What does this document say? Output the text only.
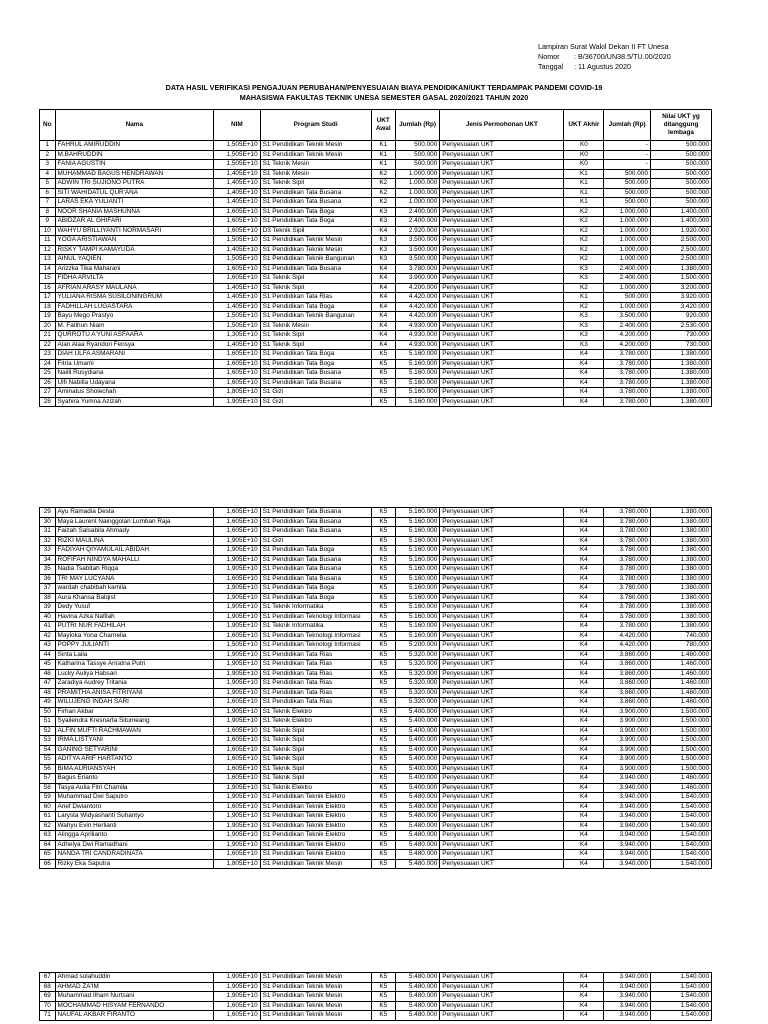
Lampiran Surat Wakil Dekan II FT Unesa
Nomor : B/36700/UN38.5/TU.00/2020
Tanggal : 11 Agustus 2020
DATA HASIL VERIFIKASI PENGAJUAN PERUBAHAN/PENYESUAIAN BIAYA PENDIDIKAN/UKT TERDAMPAK PANDEMI COVID-19
MAHASISWA FAKULTAS TEKNIK UNESA SEMESTER GASAL 2020/2021 TAHUN 2020
No	Nama	NIM	Program Studi	UKT Awal	Jumlah (Rp)	Jenis Permohonan UKT	UKT Akhir	Jumlah (Rp)	Nilai UKT yg ditanggung lembaga
1	FAHRUL AMIRUDDIN	1,505E+10	S1 Pendidikan Teknik Mesin	K1	500.000	Penyesuaian UKT	K0	-	500.000
2	M.BAHRUDDIN	1,505E+10	S1 Pendidikan Teknik Mesin	K1	500.000	Penyesuaian UKT	K0	-	500.000
3	FANIA AGUSTIN	1,505E+10	S1 Teknik Mesin	K1	500.000	Penyesuaian UKT	K0	-	500.000
4	MUHAMMAD BAGUS HENDRAWAN	1,405E+10	S1 Teknik Mesin	K2	1.000.000	Penyesuaian UKT	K1	500.000	500.000
5	ADWIN TRI SUJIONO PUTRA	1,405E+10	S1 Teknik Sipil	K2	1.000.000	Penyesuaian UKT	K1	500.000	500.000
6	SITI WAHIDATUL QUR'ANA	1,405E+10	S1 Pendidikan Tata Busana	K2	1.000.000	Penyesuaian UKT	K1	500.000	500.000
7	LARAS EKA YULIANTI	1,405E+10	S1 Pendidikan Tata Busana	K2	1.000.000	Penyesuaian UKT	K1	500.000	500.000
8	NOOR SHANIA MASHUNNA	1,605E+10	S1 Pendidikan Tata Boga	K3	2.400.000	Penyesuaian UKT	K2	1.000.000	1.400.000
9	ABIDZAR AL GHIFARI	1,605E+10	S1 Pendidikan Tata Boga	K3	2.400.000	Penyesuaian UKT	K2	1.000.000	1.400.000
10	WAHYU BRILLIYANTI NORMASARI	1,605E+10	D3 Teknik Sipil	K4	2.920.000	Penyesuaian UKT	K2	1.000.000	1.920.000
11	YOGA ARISTIAWAN	1,505E+10	S1 Pendidikan Teknik Mesin	K3	3.500.000	Penyesuaian UKT	K2	1.000.000	2.500.000
12	RISKY TAMPI KAMAYUDA	1,405E+10	S1 Pendidikan Teknik Mesin	K3	3.500.000	Penyesuaian UKT	K2	1.000.000	2.500.000
13	AINUL YAQIEN	1,505E+10	S1 Pendidikan Teknik Bangunan	K3	3.500.000	Penyesuaian UKT	K2	1.000.000	2.500.000
14	Arizzka Tika Maharani	1,605E+10	S1 Pendidikan Tata Busana	K4	3.780.000	Penyesuaian UKT	K3	2.400.000	1.380.000
15	FIDHA ARVILTA	1,605E+10	S1 Teknik Sipil	K4	3.900.000	Penyesuaian UKT	K3	2.400.000	1.500.000
16	AFRIAN ARASY MAULANA	1,405E+10	S1 Teknik Sipil	K4	4.200.000	Penyesuaian UKT	K2	1.000.000	3.200.000
17	YULIANA RISMA SUSILONINGRUM	1,405E+10	S1 Pendidikan Tata Rias	K4	4.420.000	Penyesuaian UKT	K1	500.000	3.920.000
18	FADHILLAH LUGASTARA	1,405E+10	S1 Pendidikan Tata Boga	K4	4.420.000	Penyesuaian UKT	K2	1.000.000	3.420.000
19	Bayu Mego Prastyo	1,505E+10	S1 Pendidikan Teknik Bangunan	K4	4.420.000	Penyesuaian UKT	K3	3.500.000	920.000
20	M. Fatihun Niam	1,505E+10	S1 Teknik Mesin	K4	4.930.000	Penyesuaian UKT	K3	2.400.000	2.530.000
21	QURROTU A'YUNI ASFAARA	1,305E+10	S1 Teknik Sipil	K4	4.930.000	Penyesuaian UKT	K3	4.200.000	730.000
22	Alan Alaa Ryandori Fensya	1,405E+10	S1 Teknik Sipil	K4	4.930.000	Penyesuaian UKT	K3	4.200.000	730.000
23	DIAH ULFA ASMARANI	1,605E+10	S1 Pendidikan Tata Boga	K5	5.160.000	Penyesuaian UKT	K4	3.780.000	1.380.000
24	Fitria Umami	1,605E+10	S1 Pendidikan Tata Boga	K5	5.160.000	Penyesuaian UKT	K4	3.780.000	1.380.000
25	Nailil Rusydiana	1,605E+10	S1 Pendidikan Tata Busana	K5	5.160.000	Penyesuaian UKT	K4	3.780.000	1.380.000
26	Ulfi Nabilla Udayana	1,605E+10	S1 Pendidikan Tata Busana	K5	5.160.000	Penyesuaian UKT	K4	3.780.000	1.380.000
27	Aminatus Sholechah	1,805E+10	S1 Gizi	K5	5.160.000	Penyesuaian UKT	K4	3.780.000	1.380.000
28	Syahira Yumna Azizah	1,905E+10	S1 Gizi	K5	5.160.000	Penyesuaian UKT	K4	3.780.000	1.380.000
29	Ayu Ramadia Desta	1,605E+10	S1 Pendidikan Tata Busana	K5	5.160.000	Penyesuaian UKT	K4	3.780.000	1.380.000
30	Maya Laurent Nainggolan Lumban Raja	1,605E+10	S1 Pendidikan Tata Busana	K5	5.160.000	Penyesuaian UKT	K4	3.780.000	1.380.000
31	Faizah Salsabila Ahmady	1,605E+10	S1 Pendidikan Tata Busana	K5	5.160.000	Penyesuaian UKT	K4	3.780.000	1.380.000
32	RIZKI MAULINA	1,905E+10	S1 Gizi	K5	5.160.000	Penyesuaian UKT	K4	3.780.000	1.380.000
33	FADIYAH QIYAMULAIL ABIDAH	1,905E+10	S1 Pendidikan Tata Boga	K5	5.160.000	Penyesuaian UKT	K4	3.780.000	1.380.000
34	ROFIFAH NINDYA MAHALLI	1,905E+10	S1 Pendidikan Tata Busana	K5	5.160.000	Penyesuaian UKT	K4	3.780.000	1.380.000
35	Nadia Tsabitah Riqqa	1,905E+10	S1 Pendidikan Tata Busana	K5	5.160.000	Penyesuaian UKT	K4	3.780.000	1.380.000
36	TRI MAY LUCYANA	1,605E+10	S1 Pendidikan Tata Busana	K5	5.160.000	Penyesuaian UKT	K4	3.780.000	1.380.000
37	wardah chabibah kamila	1,905E+10	S1 Pendidikan Tata Boga	K5	5.160.000	Penyesuaian UKT	K4	3.780.000	1.380.000
38	Aura Khansa Balqist	1,905E+10	S1 Pendidikan Tata Boga	K5	5.160.000	Penyesuaian UKT	K4	3.780.000	1.380.000
39	Dedy Yusuf	1,905E+10	S1 Teknik Informatika	K5	5.160.000	Penyesuaian UKT	K4	3.780.000	1.380.000
40	Havina Azka Nafilah	1,905E+10	S1 Pendidikan Teknologi Informasi	K5	5.160.000	Penyesuaian UKT	K4	3.780.000	1.380.000
41	PUTRI NUR FADHILAH	1,905E+10	S1 Teknik Informatika	K5	5.160.000	Penyesuaian UKT	K4	3.780.000	1.380.000
42	Mayloka Yona Charnelia	1,605E+10	S1 Pendidikan Teknologi Informasi	K5	5.160.000	Penyesuaian UKT	K4	4.420.000	740.000
43	POPPY JULIANTI	1,505E+10	S1 Pendidikan Teknologi Informasi	K5	5.200.000	Penyesuaian UKT	K4	4.420.000	780.000
44	Sinta Laila	1,905E+10	S1 Pendidikan Tata Rias	K5	5.320.000	Penyesuaian UKT	K4	3.860.000	1.460.000
45	Katharina Tassye Ariratna Putri	1,905E+10	S1 Pendidikan Tata Rias	K5	5.320.000	Penyesuaian UKT	K4	3.860.000	1.460.000
46	Lucky Auliya Habsari	1,905E+10	S1 Pendidikan Tata Rias	K5	5.320.000	Penyesuaian UKT	K4	3.860.000	1.460.000
47	Zaradiya Audrey Tritania	1,905E+10	S1 Pendidikan Tata Rias	K5	5.320.000	Penyesuaian UKT	K4	3.860.000	1.460.000
48	PRAMITHA ANISA FITRIYANI	1,905E+10	S1 Pendidikan Tata Rias	K5	5.320.000	Penyesuaian UKT	K4	3.860.000	1.460.000
49	WILUJENG INDAH SARI	1,605E+10	S1 Pendidikan Tata Rias	K5	5.320.000	Penyesuaian UKT	K4	3.860.000	1.460.000
50	Firhan Akbar	1,905E+10	S1 Teknik Elektro	K5	5.400.000	Penyesuaian UKT	K4	3.900.000	1.500.000
51	Syailendra Kresnarta Situmeang	1,905E+10	S1 Teknik Elektro	K5	5.400.000	Penyesuaian UKT	K4	3.900.000	1.500.000
52	ALFIN MUFTI RACHMAWAN	1,605E+10	S1 Teknik Sipil	K5	5.400.000	Penyesuaian UKT	K4	3.900.000	1.500.000
53	IRMA LISTYANI	1,605E+10	S1 Teknik Sipil	K5	5.400.000	Penyesuaian UKT	K4	3.900.000	1.500.000
54	GANING SETYARINI	1,605E+10	S1 Teknik Sipil	K5	5.400.000	Penyesuaian UKT	K4	3.900.000	1.500.000
55	ADITYA ARIF HARTANTO	1,605E+10	S1 Teknik Sipil	K5	5.400.000	Penyesuaian UKT	K4	3.900.000	1.500.000
56	BIMA AURIANSYAH	1,605E+10	S1 Teknik Sipil	K5	5.400.000	Penyesuaian UKT	K4	3.900.000	1.500.000
57	Bagus Erianto	1,605E+10	S1 Teknik Sipil	K5	5.400.000	Penyesuaian UKT	K4	3.940.000	1.460.000
58	Tasya Aulia Fitri Chamila	1,905E+10	S1 Teknik Elektro	K5	5.400.000	Penyesuaian UKT	K4	3.940.000	1.460.000
59	Muhammad Dwi Saputro	1,905E+10	S1 Pendidikan Teknik Elektro	K5	5.480.000	Penyesuaian UKT	K4	3.940.000	1.540.000
60	Arief Dwiantoro	1,605E+10	S1 Pendidikan Teknik Elektro	K5	5.480.000	Penyesuaian UKT	K4	3.940.000	1.540.000
61	Larysta Widyashanti Suhantyo	1,905E+10	S1 Pendidikan Teknik Elektro	K5	5.480.000	Penyesuaian UKT	K4	3.940.000	1.540.000
62	Wahyu Evin Herlianti	1,905E+10	S1 Pendidikan Teknik Elektro	K5	5.480.000	Penyesuaian UKT	K4	3.940.000	1.540.000
63	Alingga Aprilianto	1,905E+10	S1 Pendidikan Teknik Elektro	K5	5.480.000	Penyesuaian UKT	K4	3.940.000	1.540.000
64	Adhelya Dwi Ramadhani	1,905E+10	S1 Pendidikan Teknik Elektro	K5	5.480.000	Penyesuaian UKT	K4	3.940.000	1.540.000
65	NANDA TRI CANDRADINATA	1,605E+10	S1 Pendidikan Teknik Elektro	K5	5.480.000	Penyesuaian UKT	K4	3.940.000	1.540.000
66	Rizky Eka Saputra	1,805E+10	S1 Pendidikan Teknik Mesin	K5	5.480.000	Penyesuaian UKT	K4	3.940.000	1.540.000
67	Ahmad solahuddin	1,905E+10	S1 Pendidikan Teknik Mesin	K5	5.480.000	Penyesuaian UKT	K4	3.940.000	1.540.000
68	AHMAD ZA'IM	1,905E+10	S1 Pendidikan Teknik Mesin	K5	5.480.000	Penyesuaian UKT	K4	3.940.000	1.540.000
69	Muhammad Ilham Nurtsani	1,905E+10	S1 Pendidikan Teknik Mesin	K5	5.480.000	Penyesuaian UKT	K4	3.940.000	1.540.000
70	MOCHAMMAD HISYAM FERNANDO	1,605E+10	S1 Pendidikan Teknik Mesin	K5	5.480.000	Penyesuaian UKT	K4	3.940.000	1.540.000
71	NAUFAL AKBAR FIRANTO	1,605E+10	S1 Pendidikan Teknik Mesin	K5	5.480.000	Penyesuaian UKT	K4	3.940.000	1.540.000
